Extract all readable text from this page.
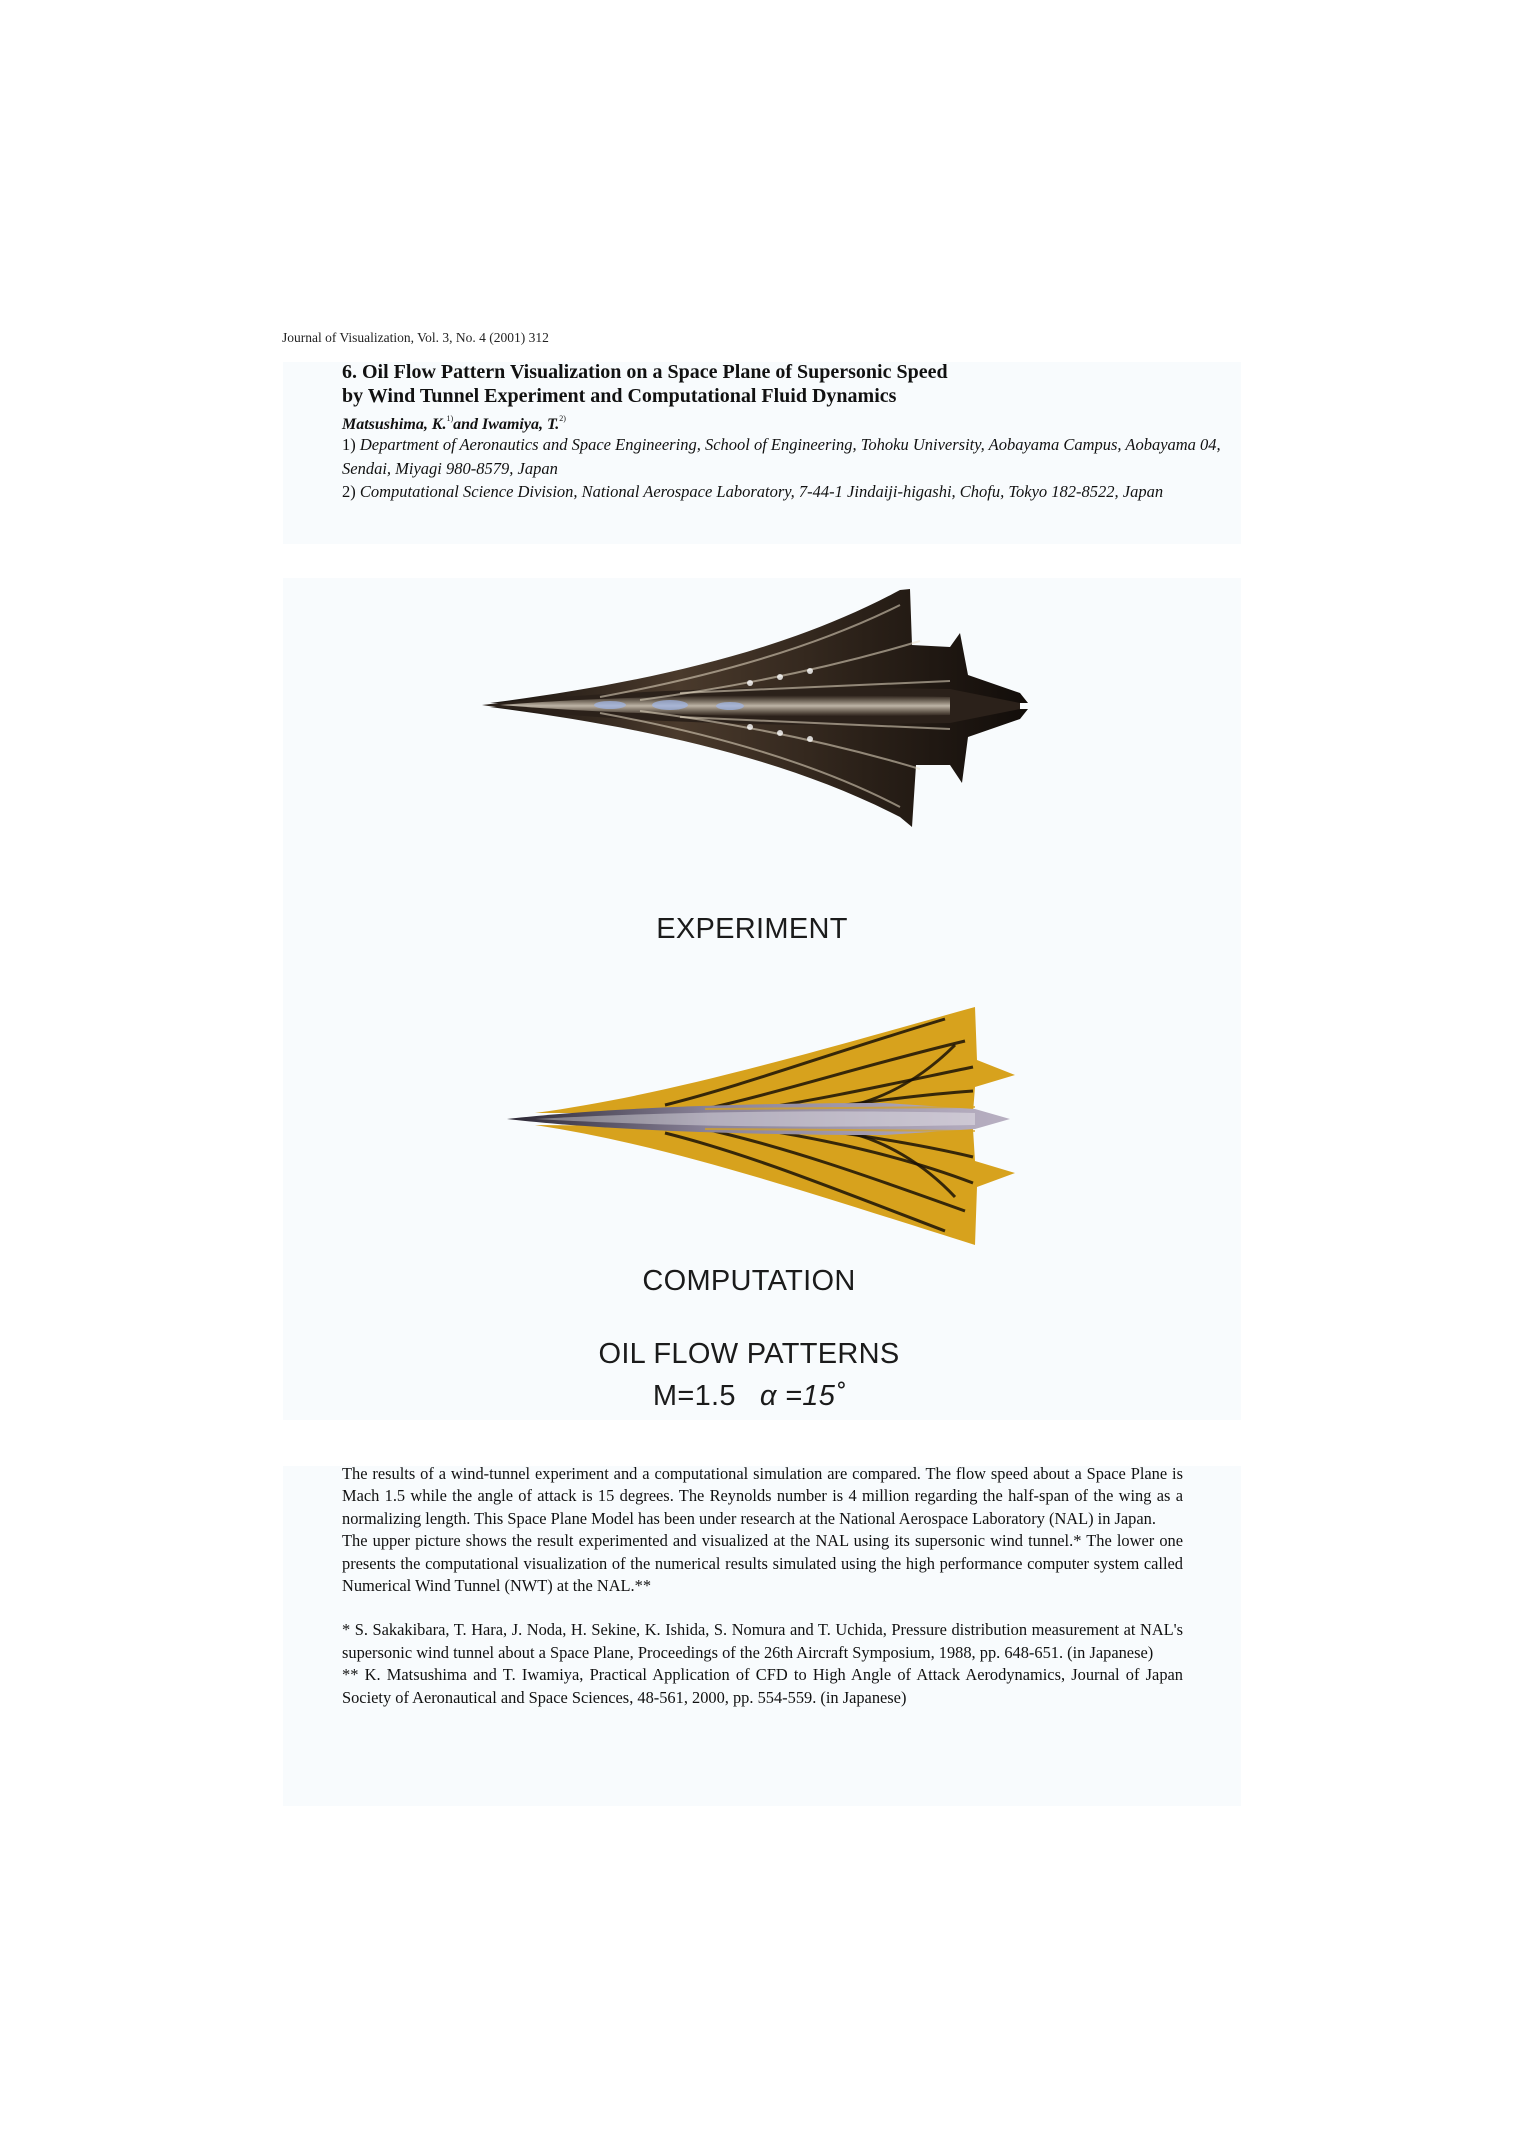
Journal of Visualization, Vol. 3, No. 4 (2001) 312
6. Oil Flow Pattern Visualization on a Space Plane of Supersonic Speed
by Wind Tunnel Experiment and Computational Fluid Dynamics
Matsushima, K.$^{1)}$and Iwamiya, T.$^{2)}$
1) Department of Aeronautics and Space Engineering, School of Engineering, Tohoku University, Aobayama Campus, Aobayama 04, Sendai, Miyagi 980-8579, Japan
2) Computational Science Division, National Aerospace Laboratory, 7-44-1 Jindaiji-higashi, Chofu, Tokyo 182-8522, Japan
EXPERIMENT
COMPUTATION
OIL FLOW PATTERNS
M=1.5 α =15˚

The results of a wind-tunnel experiment and a computational simulation are compared. The flow speed about a Space Plane is Mach 1.5 while the angle of attack is 15 degrees. The Reynolds number is 4 million regarding the half-span of the wing as a normalizing length. This Space Plane Model has been under research at the National Aerospace Laboratory (NAL) in Japan.

The upper picture shows the result experimented and visualized at the NAL using its supersonic wind tunnel.* The lower one presents the computational visualization of the numerical results simulated using the high performance computer system called Numerical Wind Tunnel (NWT) at the NAL.**

* S. Sakakibara, T. Hara, J. Noda, H. Sekine, K. Ishida, S. Nomura and T. Uchida, Pressure distribution measurement at NAL's supersonic wind tunnel about a Space Plane, Proceedings of the 26th Aircraft Symposium, 1988, pp. 648-651. (in Japanese)

** K. Matsushima and T. Iwamiya, Practical Application of CFD to High Angle of Attack Aerodynamics, Journal of Japan Society of Aeronautical and Space Sciences, 48-561, 2000, pp. 554-559. (in Japanese)
